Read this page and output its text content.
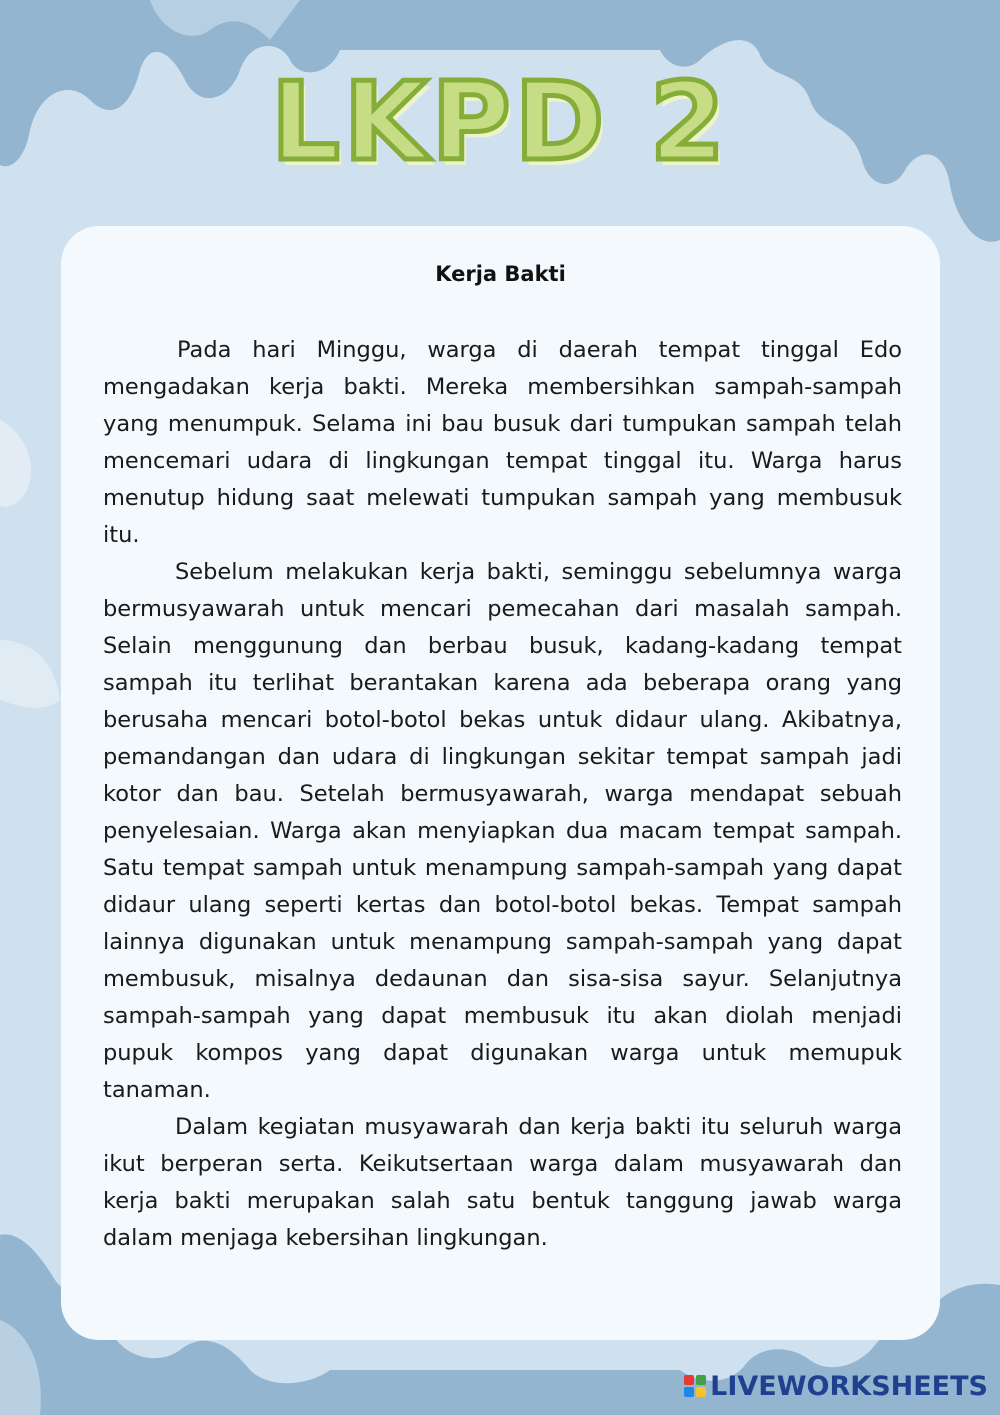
LKPD 2
Kerja Bakti

Pada hari Minggu, warga di daerah tempat tinggal Edo mengadakan kerja bakti. Mereka membersihkan sampah-sampah yang menumpuk. Selama ini bau busuk dari tumpukan sampah telah mencemari udara di lingkungan tempat tinggal itu. Warga harus menutup hidung saat melewati tumpukan sampah yang membusuk itu.

Sebelum melakukan kerja bakti, seminggu sebelumnya warga bermusyawarah untuk mencari pemecahan dari masalah sampah. Selain menggunung dan berbau busuk, kadang-kadang tempat sampah itu terlihat berantakan karena ada beberapa orang yang berusaha mencari botol-botol bekas untuk didaur ulang. Akibatnya, pemandangan dan udara di lingkungan sekitar tempat sampah jadi kotor dan bau. Setelah bermusyawarah, warga mendapat sebuah penyelesaian. Warga akan menyiapkan dua macam tempat sampah. Satu tempat sampah untuk menampung sampah-sampah yang dapat didaur ulang seperti kertas dan botol-botol bekas. Tempat sampah lainnya digunakan untuk menampung sampah-sampah yang dapat membusuk, misalnya dedaunan dan sisa-sisa sayur. Selanjutnya sampah-sampah yang dapat membusuk itu akan diolah menjadi pupuk kompos yang dapat digunakan warga untuk memupuk tanaman.

Dalam kegiatan musyawarah dan kerja bakti itu seluruh warga ikut berperan serta. Keikutsertaan warga dalam musyawarah dan kerja bakti merupakan salah satu bentuk tanggung jawab warga dalam menjaga kebersihan lingkungan.

LIVEWORKSHEETS
